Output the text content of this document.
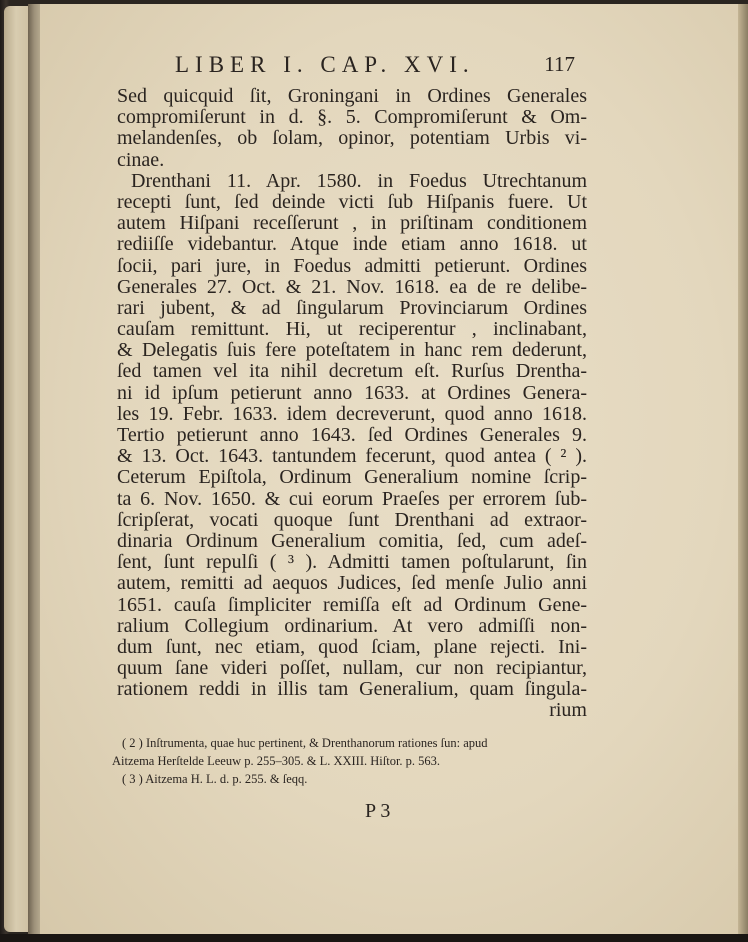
LIBER I. CAP. XVI.	117
Sed quicquid ſit, Groningani in Ordines Generales
compromiſerunt in d. §. 5. Compromiſerunt & Om-
melandenſes, ob ſolam, opinor, potentiam Urbis vi-
cinae.
Drenthani 11. Apr. 1580. in Foedus Utrechtanum
recepti ſunt, ſed deinde victi ſub Hiſpanis fuere. Ut
autem Hiſpani receſſerunt , in priſtinam conditionem
rediiſſe videbantur. Atque inde etiam anno 1618. ut
ſocii, pari jure, in Foedus admitti petierunt. Ordines
Generales 27. Oct. & 21. Nov. 1618. ea de re delibe-
rari jubent, & ad ſingularum Provinciarum Ordines
cauſam remittunt. Hi, ut reciperentur , inclinabant,
& Delegatis ſuis fere poteſtatem in hanc rem dederunt,
ſed tamen vel ita nihil decretum eſt. Rurſus Drentha-
ni id ipſum petierunt anno 1633. at Ordines Genera-
les 19. Febr. 1633. idem decreverunt, quod anno 1618.
Tertio petierunt anno 1643. ſed Ordines Generales 9.
& 13. Oct. 1643. tantundem fecerunt, quod antea ( ² ).
Ceterum Epiſtola, Ordinum Generalium nomine ſcrip-
ta 6. Nov. 1650. & cui eorum Praeſes per errorem ſub-
ſcripſerat, vocati quoque ſunt Drenthani ad extraor-
dinaria Ordinum Generalium comitia, ſed, cum adeſ-
ſent, ſunt repulſi ( ³ ). Admitti tamen poſtularunt, ſin
autem, remitti ad aequos Judices, ſed menſe Julio anni
1651. cauſa ſimpliciter remiſſa eſt ad Ordinum Gene-
ralium Collegium ordinarium. At vero admiſſi non-
dum ſunt, nec etiam, quod ſciam, plane rejecti. Ini-
quum ſane videri poſſet, nullam, cur non recipiantur,
rationem reddi in illis tam Generalium, quam ſingula-
rium
( 2 ) Inſtrumenta, quae huc pertinent, & Drenthanorum rationes ſun: apud
Aitzema Herſtelde Leeuw p. 255–305. & L. XXIII. Hiſtor. p. 563.
( 3 ) Aitzema H. L. d. p. 255. & ſeqq.
P 3
